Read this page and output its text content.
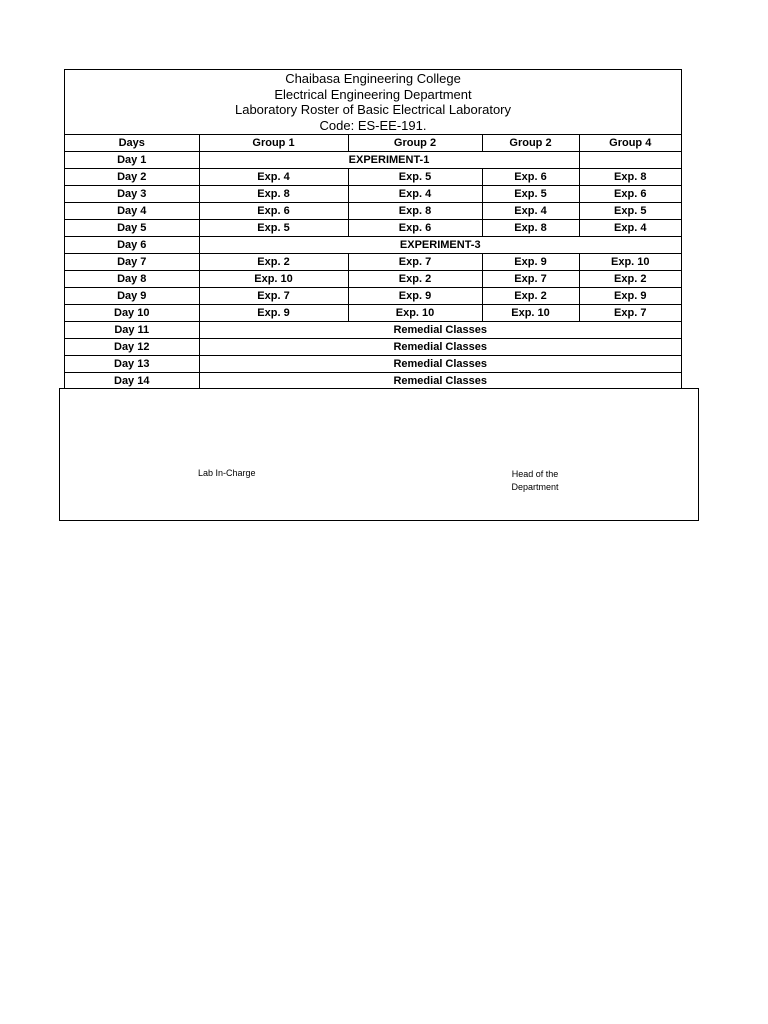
Chaibasa Engineering College
Electrical Engineering Department
Laboratory Roster of Basic Electrical Laboratory
Code: ES-EE-191.
Days	Group 1	Group 2	Group 2	Group 4
Day 1	EXPERIMENT-1			
Day 2	Exp. 4	Exp. 5	Exp. 6	Exp. 8
Day 3	Exp. 8	Exp. 4	Exp. 5	Exp. 6
Day 4	Exp. 6	Exp. 8	Exp. 4	Exp. 5
Day 5	Exp. 5	Exp. 6	Exp. 8	Exp. 4
Day 6	EXPERIMENT-3			
Day 7	Exp. 2	Exp. 7	Exp. 9	Exp. 10
Day 8	Exp. 10	Exp. 2	Exp. 7	Exp. 2
Day 9	Exp. 7	Exp. 9	Exp. 2	Exp. 9
Day 10	Exp. 9	Exp. 10	Exp. 10	Exp. 7
Day 11	Remedial Classes			
Day 12	Remedial Classes			
Day 13	Remedial Classes			
Day 14	Remedial Classes			
Lab In-Charge	Head of the
Department
